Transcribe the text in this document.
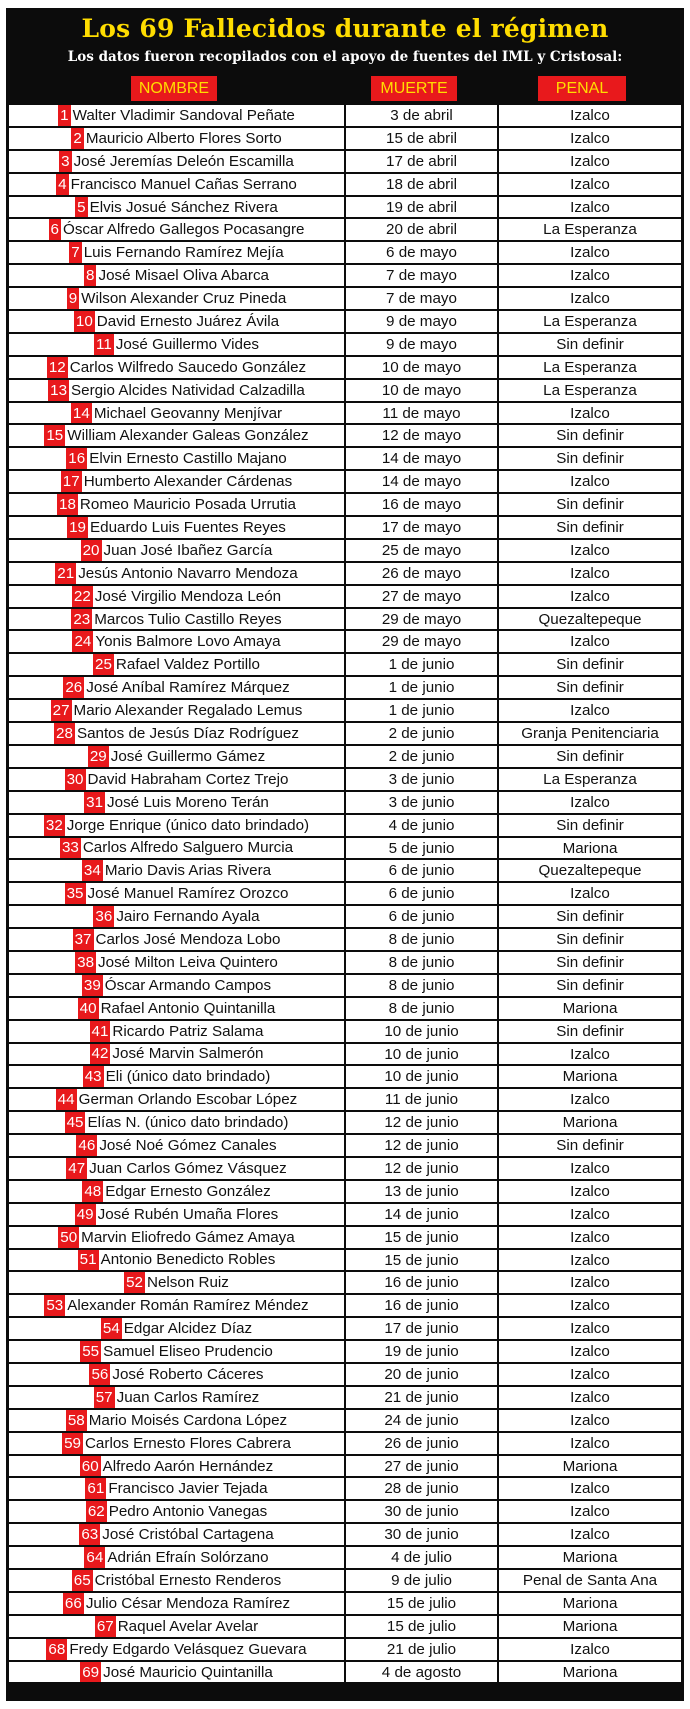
Los 69 Fallecidos durante el régimen
Los datos fueron recopilados con el apoyo de fuentes del IML y Cristosal:
NOMBRE	MUERTE	PENAL
1 Walter Vladimir Sandoval Peñate	3 de abril	Izalco
2 Mauricio Alberto Flores Sorto	15 de abril	Izalco
3 José Jeremías Deleón Escamilla	17 de abril	Izalco
4 Francisco Manuel Cañas Serrano	18 de abril	Izalco
5 Elvis Josué Sánchez Rivera	19 de abril	Izalco
6 Óscar Alfredo Gallegos Pocasangre	20 de abril	La Esperanza
7 Luis Fernando Ramírez Mejía	6 de mayo	Izalco
8 José Misael Oliva Abarca	7 de mayo	Izalco
9 Wilson Alexander Cruz Pineda	7 de mayo	Izalco
10 David Ernesto Juárez Ávila	9 de mayo	La Esperanza
11 José Guillermo Vides	9 de mayo	Sin definir
12 Carlos Wilfredo Saucedo González	10 de mayo	La Esperanza
13 Sergio Alcides Natividad Calzadilla	10 de mayo	La Esperanza
14 Michael Geovanny Menjívar	11 de mayo	Izalco
15 William Alexander Galeas González	12 de mayo	Sin definir
16 Elvin Ernesto Castillo Majano	14 de mayo	Sin definir
17 Humberto Alexander Cárdenas	14 de mayo	Izalco
18 Romeo Mauricio Posada Urrutia	16 de mayo	Sin definir
19 Eduardo Luis Fuentes Reyes	17 de mayo	Sin definir
20 Juan José Ibañez García	25 de mayo	Izalco
21 Jesús Antonio Navarro Mendoza	26 de mayo	Izalco
22 José Virgilio Mendoza León	27 de mayo	Izalco
23 Marcos Tulio Castillo Reyes	29 de mayo	Quezaltepeque
24 Yonis Balmore Lovo Amaya	29 de mayo	Izalco
25 Rafael Valdez Portillo	1 de junio	Sin definir
26 José Aníbal Ramírez Márquez	1 de junio	Sin definir
27 Mario Alexander Regalado Lemus	1 de junio	Izalco
28 Santos de Jesús Díaz Rodríguez	2 de junio	Granja Penitenciaria
29 José Guillermo Gámez	2 de junio	Sin definir
30 David Habraham Cortez Trejo	3 de junio	La Esperanza
31 José Luis Moreno Terán	3 de junio	Izalco
32 Jorge Enrique (único dato brindado)	4 de junio	Sin definir
33 Carlos Alfredo Salguero Murcia	5 de junio	Mariona
34 Mario Davis Arias Rivera	6 de junio	Quezaltepeque
35 José Manuel Ramírez Orozco	6 de junio	Izalco
36 Jairo Fernando Ayala	6 de junio	Sin definir
37 Carlos José Mendoza Lobo	8 de junio	Sin definir
38 José Milton Leiva Quintero	8 de junio	Sin definir
39 Óscar Armando Campos	8 de junio	Sin definir
40 Rafael Antonio Quintanilla	8 de junio	Mariona
41 Ricardo Patriz Salama	10 de junio	Sin definir
42 José Marvin Salmerón	10 de junio	Izalco
43 Eli (único dato brindado)	10 de junio	Mariona
44 German Orlando Escobar López	11 de junio	Izalco
45 Elías N. (único dato brindado)	12 de junio	Mariona
46 José Noé Gómez Canales	12 de junio	Sin definir
47 Juan Carlos Gómez Vásquez	12 de junio	Izalco
48 Edgar Ernesto González	13 de junio	Izalco
49 José Rubén Umaña Flores	14 de junio	Izalco
50 Marvin Eliofredo Gámez Amaya	15 de junio	Izalco
51 Antonio Benedicto Robles	15 de junio	Izalco
52 Nelson Ruiz	16 de junio	Izalco
53 Alexander Román Ramírez Méndez	16 de junio	Izalco
54 Edgar Alcidez Díaz	17 de junio	Izalco
55 Samuel Eliseo Prudencio	19 de junio	Izalco
56 José Roberto Cáceres	20 de junio	Izalco
57 Juan Carlos Ramírez	21 de junio	Izalco
58 Mario Moisés Cardona López	24 de junio	Izalco
59 Carlos Ernesto Flores Cabrera	26 de junio	Izalco
60 Alfredo Aarón Hernández	27 de junio	Mariona
61 Francisco Javier Tejada	28 de junio	Izalco
62 Pedro Antonio Vanegas	30 de junio	Izalco
63 José Cristóbal Cartagena	30 de junio	Izalco
64 Adrián Efraín Solórzano	4 de julio	Mariona
65 Cristóbal Ernesto Renderos	9 de julio	Penal de Santa Ana
66 Julio César Mendoza Ramírez	15 de julio	Mariona
67 Raquel Avelar Avelar	15 de julio	Mariona
68 Fredy Edgardo Velásquez Guevara	21 de julio	Izalco
69 José Mauricio Quintanilla	4 de agosto	Mariona
